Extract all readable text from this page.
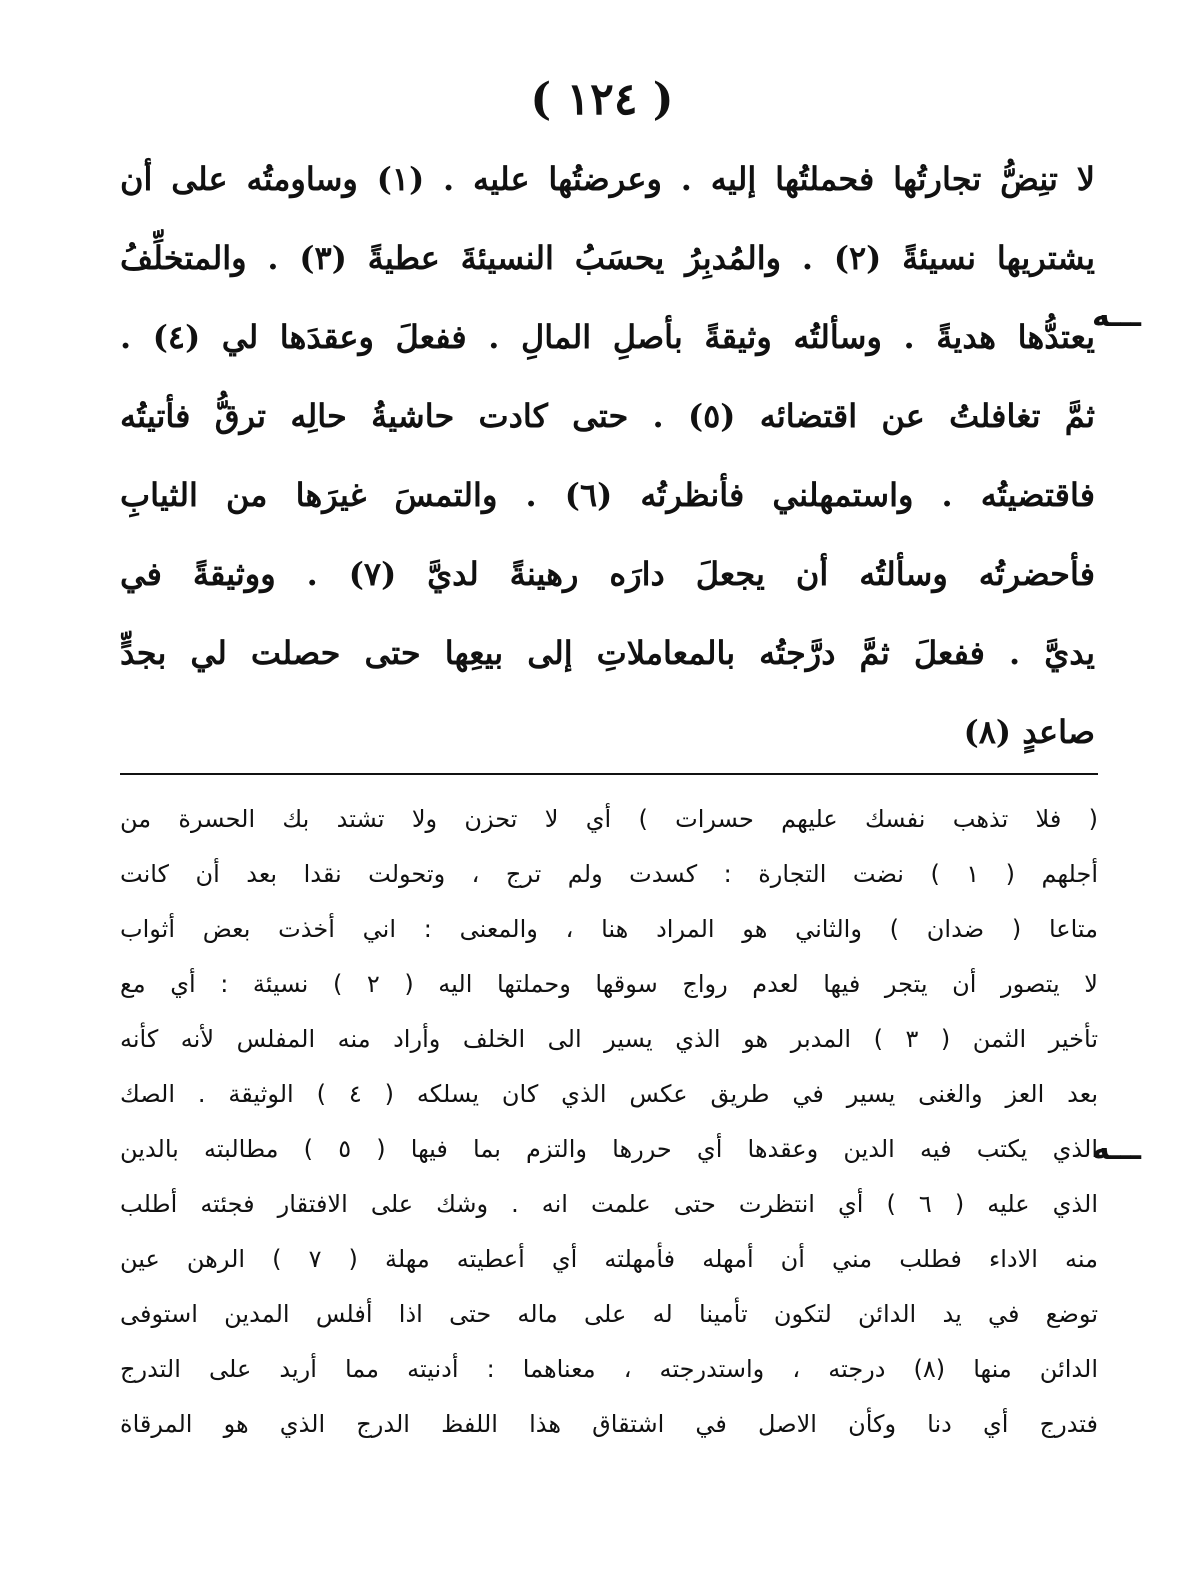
( ١٢٤ )
لا تنِضُّ تجارتُها فحملتُها إليه . وعرضتُها عليه . (١) وساومتُه على أن
يشتريها نسيئةً (٢) . والمُدبِرُ يحسَبُ النسيئةَ عطيةً (٣) . والمتخلِّفُ
يعتدُّها هديةً . وسألتُه وثيقةً بأصلِ المالِ . ففعلَ وعقدَها لي (٤) .
ثمَّ تغافلتُ عن اقتضائه (٥) . حتى كادت حاشيةُ حالِه ترقُّ فأتيتُه
فاقتضيتُه . واستمهلني فأنظرتُه (٦) . والتمسَ غيرَها من الثيابِ
فأحضرتُه وسألتُه أن يجعلَ دارَه رهينةً لديَّ (٧) . ووثيقةً في
يديَّ . ففعلَ ثمَّ درَّجتُه بالمعاملاتِ إلى بيعِها حتى حصلت لي بجدٍّ
صاعدٍ (٨)
ـــه
( فلا تذهب نفسك عليهم حسرات ) أي لا تحزن ولا تشتد بك الحسرة من
أجلهم ( ١ ) نضت التجارة : كسدت ولم ترج ، وتحولت نقدا بعد أن كانت
متاعا ( ضدان ) والثاني هو المراد هنا ، والمعنى : اني أخذت بعض أثواب
لا يتصور أن يتجر فيها لعدم رواج سوقها وحملتها اليه ( ٢ ) نسيئة : أي مع
تأخير الثمن ( ٣ ) المدبر هو الذي يسير الى الخلف وأراد منه المفلس لأنه كأنه
بعد العز والغنى يسير في طريق عكس الذي كان يسلكه ( ٤ ) الوثيقة . الصك
الذي يكتب فيه الدين وعقدها أي حررها والتزم بما فيها ( ٥ ) مطالبته بالدين
الذي عليه ( ٦ ) أي انتظرت حتى علمت انه . وشك على الافتقار فجئته أطلب
منه الاداء فطلب مني أن أمهله فأمهلته أي أعطيته مهلة ( ٧ ) الرهن عين
توضع في يد الدائن لتكون تأمينا له على ماله حتى اذا أفلس المدين استوفى
الدائن منها (٨) درجته ، واستدرجته ، معناهما : أدنيته مما أريد على التدرج
فتدرج أي دنا وكأن الاصل في اشتقاق هذا اللفظ الدرج الذي هو المرقاة
ـــه
